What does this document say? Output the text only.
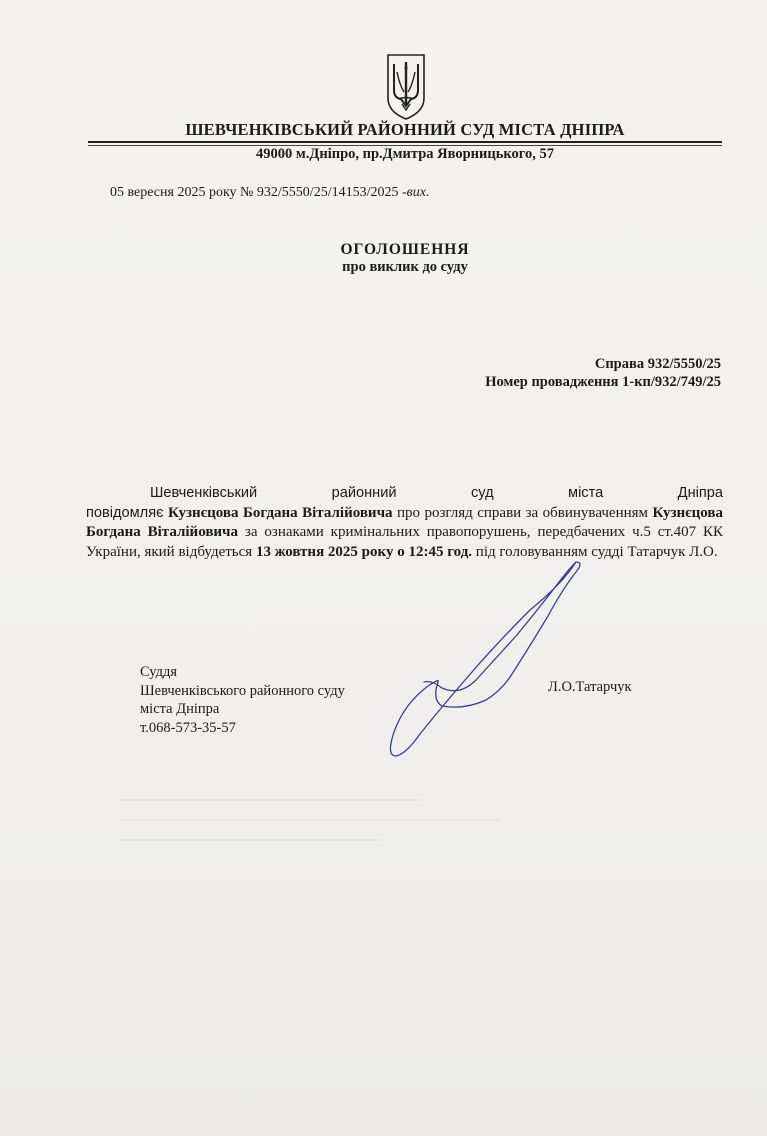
ШЕВЧЕНКІВСЬКИЙ РАЙОННИЙ СУД МІСТА ДНІПРА
49000 м.Дніпро, пр.Дмитра Яворницького, 57
05 вересня 2025 року № 932/5550/25/14153/2025 -вих.
ОГОЛОШЕННЯ
про виклик до суду
Справа 932/5550/25
Номер провадження 1-кп/932/749/25
Шевченківський районний суд міста Дніпра повідомляє Кузнєцова Богдана Віталійовича про розгляд справи за обвинуваченням Кузнєцова Богдана Віталійовича за ознаками кримінальних правопорушень, передбачених ч.5 ст.407 КК України, який відбудеться 13 жовтня 2025 року о 12:45 год. під головуванням судді Татарчук Л.О.
Суддя
Шевченківського районного суду
міста Дніпра
т.068-573-35-57
Л.О.Татарчук
